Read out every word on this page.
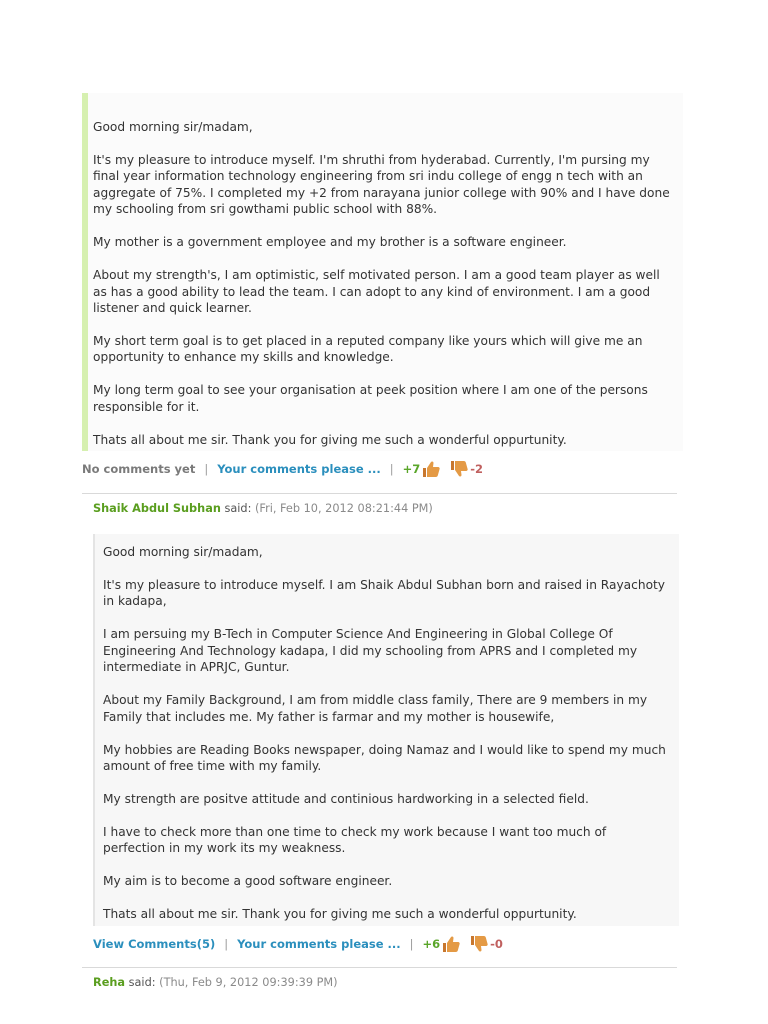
Good morning sir/madam,

It's my pleasure to introduce myself. I'm shruthi from hyderabad. Currently, I'm pursing my final year information technology engineering from sri indu college of engg n tech with an aggregate of 75%. I completed my +2 from narayana junior college with 90% and I have done my schooling from sri gowthami public school with 88%.

My mother is a government employee and my brother is a software engineer.

About my strength's, I am optimistic, self motivated person. I am a good team player as well as has a good ability to lead the team. I can adopt to any kind of environment. I am a good listener and quick learner.

My short term goal is to get placed in a reputed company like yours which will give me an opportunity to enhance my skills and knowledge.

My long term goal to see your organisation at peek position where I am one of the persons responsible for it.

Thats all about me sir. Thank you for giving me such a wonderful oppurtunity.

No comments yet | Your comments please ... | +7	-2
Shaik Abdul Subhan said: (Fri, Feb 10, 2012 08:21:44 PM)

Good morning sir/madam,

It's my pleasure to introduce myself. I am Shaik Abdul Subhan born and raised in Rayachoty in kadapa,

I am persuing my B-Tech in Computer Science And Engineering in Global College Of Engineering And Technology kadapa, I did my schooling from APRS and I completed my intermediate in APRJC, Guntur.

About my Family Background, I am from middle class family, There are 9 members in my Family that includes me. My father is farmar and my mother is housewife,

My hobbies are Reading Books newspaper, doing Namaz and I would like to spend my much amount of free time with my family.

My strength are positve attitude and continious hardworking in a selected field.

I have to check more than one time to check my work because I want too much of perfection in my work its my weakness.

My aim is to become a good software engineer.

Thats all about me sir. Thank you for giving me such a wonderful oppurtunity.

View Comments(5) | Your comments please ... | +6	-0
Reha said: (Thu, Feb 9, 2012 09:39:39 PM)
